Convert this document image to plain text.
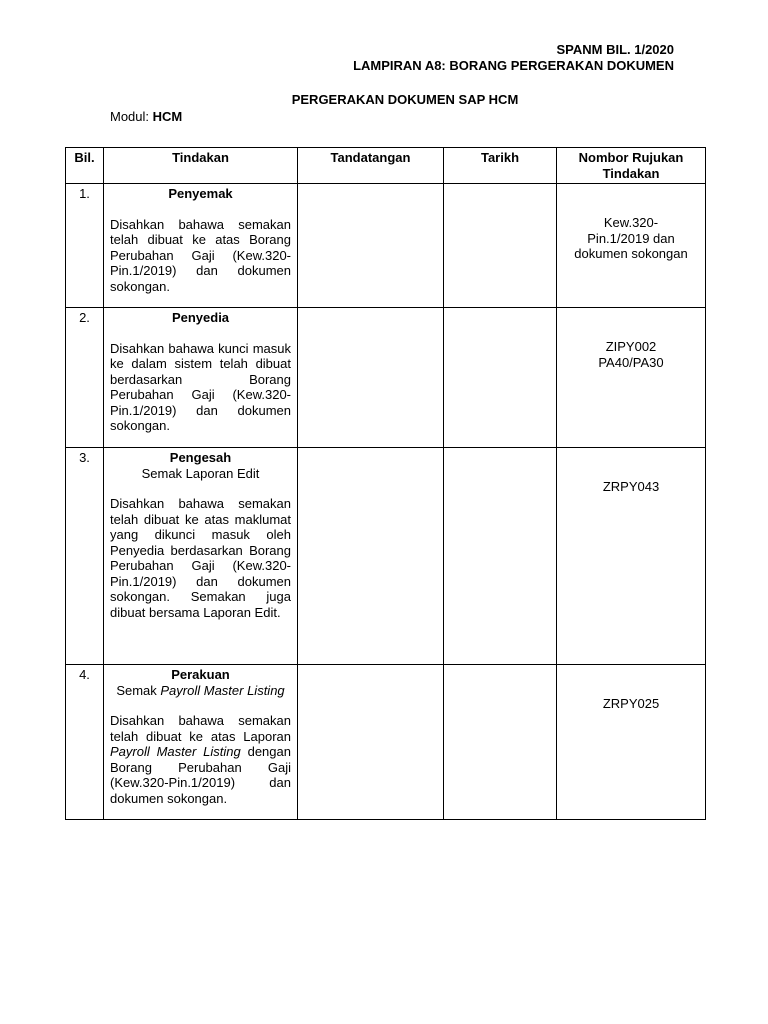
SPANM BIL. 1/2020
LAMPIRAN A8: BORANG PERGERAKAN DOKUMEN
PERGERAKAN DOKUMEN SAP HCM
Modul: HCM
Bil.	Tindakan	Tandatangan	Tarikh	Nombor Rujukan Tindakan
1.	Penyemak
Disahkan bahawa semakan telah dibuat ke atas Borang Perubahan Gaji (Kew.320-Pin.1/2019) dan dokumen sokongan.			Kew.320-
Pin.1/2019 dan
dokumen sokongan

2.	Penyedia
Disahkan bahawa kunci masuk ke dalam sistem telah dibuat berdasarkan Borang Perubahan Gaji (Kew.320-Pin.1/2019) dan dokumen sokongan.			ZIPY002
PA40/PA30

3.	Pengesah
Semak Laporan Edit
Disahkan bahawa semakan telah dibuat ke atas maklumat yang dikunci masuk oleh Penyedia berdasarkan Borang Perubahan Gaji (Kew.320-Pin.1/2019) dan dokumen sokongan. Semakan juga dibuat bersama Laporan Edit.			ZRPY043

4.	Perakuan
Semak Payroll Master Listing
Disahkan bahawa semakan telah dibuat ke atas Laporan Payroll Master Listing dengan Borang Perubahan Gaji (Kew.320-Pin.1/2019) dan dokumen sokongan.			ZRPY025
